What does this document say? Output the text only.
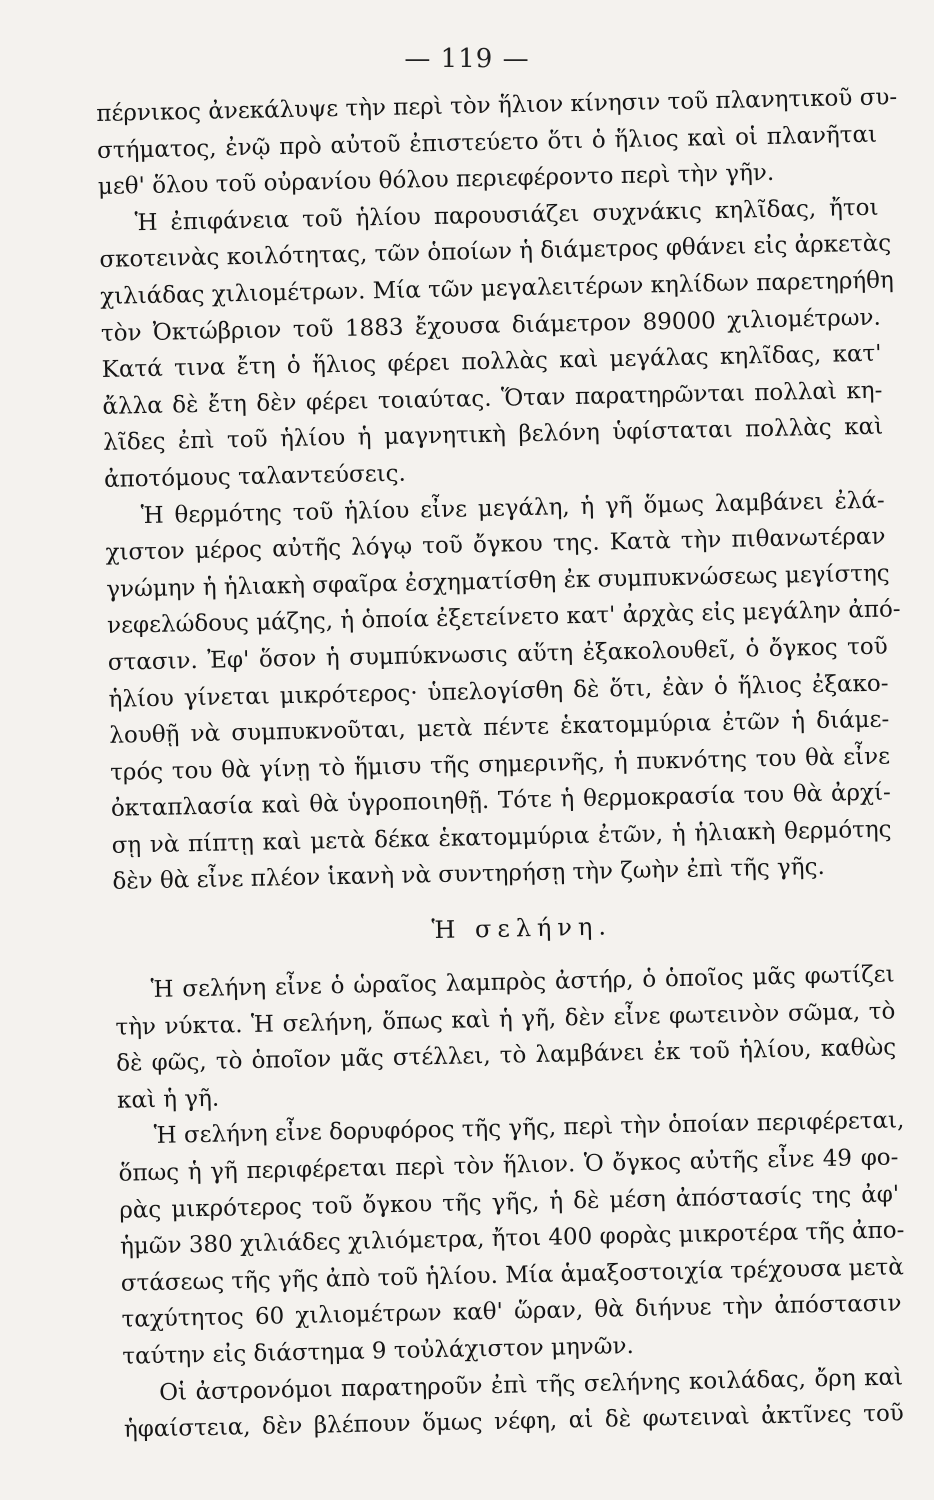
— 119 —
πέρνικος ἀνεκάλυψε τὴν περὶ τὸν ἥλιον κίνησιν τοῦ πλανητικοῦ συ-
στήματος, ἐνῷ πρὸ αὐτοῦ ἐπιστεύετο ὅτι ὁ ἥλιος καὶ οἱ πλανῆται
μεθ' ὅλου τοῦ οὐρανίου θόλου περιεφέροντο περὶ τὴν γῆν.
Ἡ ἐπιφάνεια τοῦ ἡλίου παρουσιάζει συχνάκις κηλῖδας, ἤτοι
σκοτεινὰς κοιλότητας, τῶν ὁποίων ἡ διάμετρος φθάνει εἰς ἀρκετὰς
χιλιάδας χιλιομέτρων. Μία τῶν μεγαλειτέρων κηλίδων παρετηρήθη
τὸν Ὀκτώβριον τοῦ 1883 ἔχουσα διάμετρον 89000 χιλιομέτρων.
Κατά τινα ἔτη ὁ ἥλιος φέρει πολλὰς καὶ μεγάλας κηλῖδας, κατ'
ἄλλα δὲ ἔτη δὲν φέρει τοιαύτας. Ὅταν παρατηρῶνται πολλαὶ κη-
λῖδες ἐπὶ τοῦ ἡλίου ἡ μαγνητικὴ βελόνη ὑφίσταται πολλὰς καὶ
ἀποτόμους ταλαντεύσεις.
Ἡ θερμότης τοῦ ἡλίου εἶνε μεγάλη, ἡ γῆ ὅμως λαμβάνει ἐλά-
χιστον μέρος αὐτῆς λόγῳ τοῦ ὄγκου της. Κατὰ τὴν πιθανωτέραν
γνώμην ἡ ἡλιακὴ σφαῖρα ἐσχηματίσθη ἐκ συμπυκνώσεως μεγίστης
νεφελώδους μάζης, ἡ ὁποία ἐξετείνετο κατ' ἀρχὰς εἰς μεγάλην ἀπό-
στασιν. Ἐφ' ὅσον ἡ συμπύκνωσις αὕτη ἐξακολουθεῖ, ὁ ὄγκος τοῦ
ἡλίου γίνεται μικρότερος· ὑπελογίσθη δὲ ὅτι, ἐὰν ὁ ἥλιος ἐξακο-
λουθῇ νὰ συμπυκνοῦται, μετὰ πέντε ἑκατομμύρια ἐτῶν ἡ διάμε-
τρός του θὰ γίνῃ τὸ ἥμισυ τῆς σημερινῆς, ἡ πυκνότης του θὰ εἶνε
ὀκταπλασία καὶ θὰ ὑγροποιηθῇ. Τότε ἡ θερμοκρασία του θὰ ἀρχί-
σῃ νὰ πίπτῃ καὶ μετὰ δέκα ἑκατομμύρια ἐτῶν, ἡ ἡλιακὴ θερμότης
δὲν θὰ εἶνε πλέον ἱκανὴ νὰ συντηρήσῃ τὴν ζωὴν ἐπὶ τῆς γῆς.
Ἡ σελήνη.
Ἡ σελήνη εἶνε ὁ ὡραῖος λαμπρὸς ἀστήρ, ὁ ὁποῖος μᾶς φωτίζει
τὴν νύκτα. Ἡ σελήνη, ὅπως καὶ ἡ γῆ, δὲν εἶνε φωτεινὸν σῶμα, τὸ
δὲ φῶς, τὸ ὁποῖον μᾶς στέλλει, τὸ λαμβάνει ἐκ τοῦ ἡλίου, καθὼς
καὶ ἡ γῆ.
Ἡ σελήνη εἶνε δορυφόρος τῆς γῆς, περὶ τὴν ὁποίαν περιφέρεται,
ὅπως ἡ γῆ περιφέρεται περὶ τὸν ἥλιον. Ὁ ὄγκος αὐτῆς εἶνε 49 φο-
ρὰς μικρότερος τοῦ ὄγκου τῆς γῆς, ἡ δὲ μέση ἀπόστασίς της ἀφ'
ἡμῶν 380 χιλιάδες χιλιόμετρα, ἤτοι 400 φορὰς μικροτέρα τῆς ἀπο-
στάσεως τῆς γῆς ἀπὸ τοῦ ἡλίου. Μία ἁμαξοστοιχία τρέχουσα μετὰ
ταχύτητος 60 χιλιομέτρων καθ' ὥραν, θὰ διήνυε τὴν ἀπόστασιν
ταύτην εἰς διάστημα 9 τοὐλάχιστον μηνῶν.
Οἱ ἀστρονόμοι παρατηροῦν ἐπὶ τῆς σελήνης κοιλάδας, ὄρη καὶ
ἡφαίστεια, δὲν βλέπουν ὅμως νέφη, αἱ δὲ φωτειναὶ ἀκτῖνες τοῦ
